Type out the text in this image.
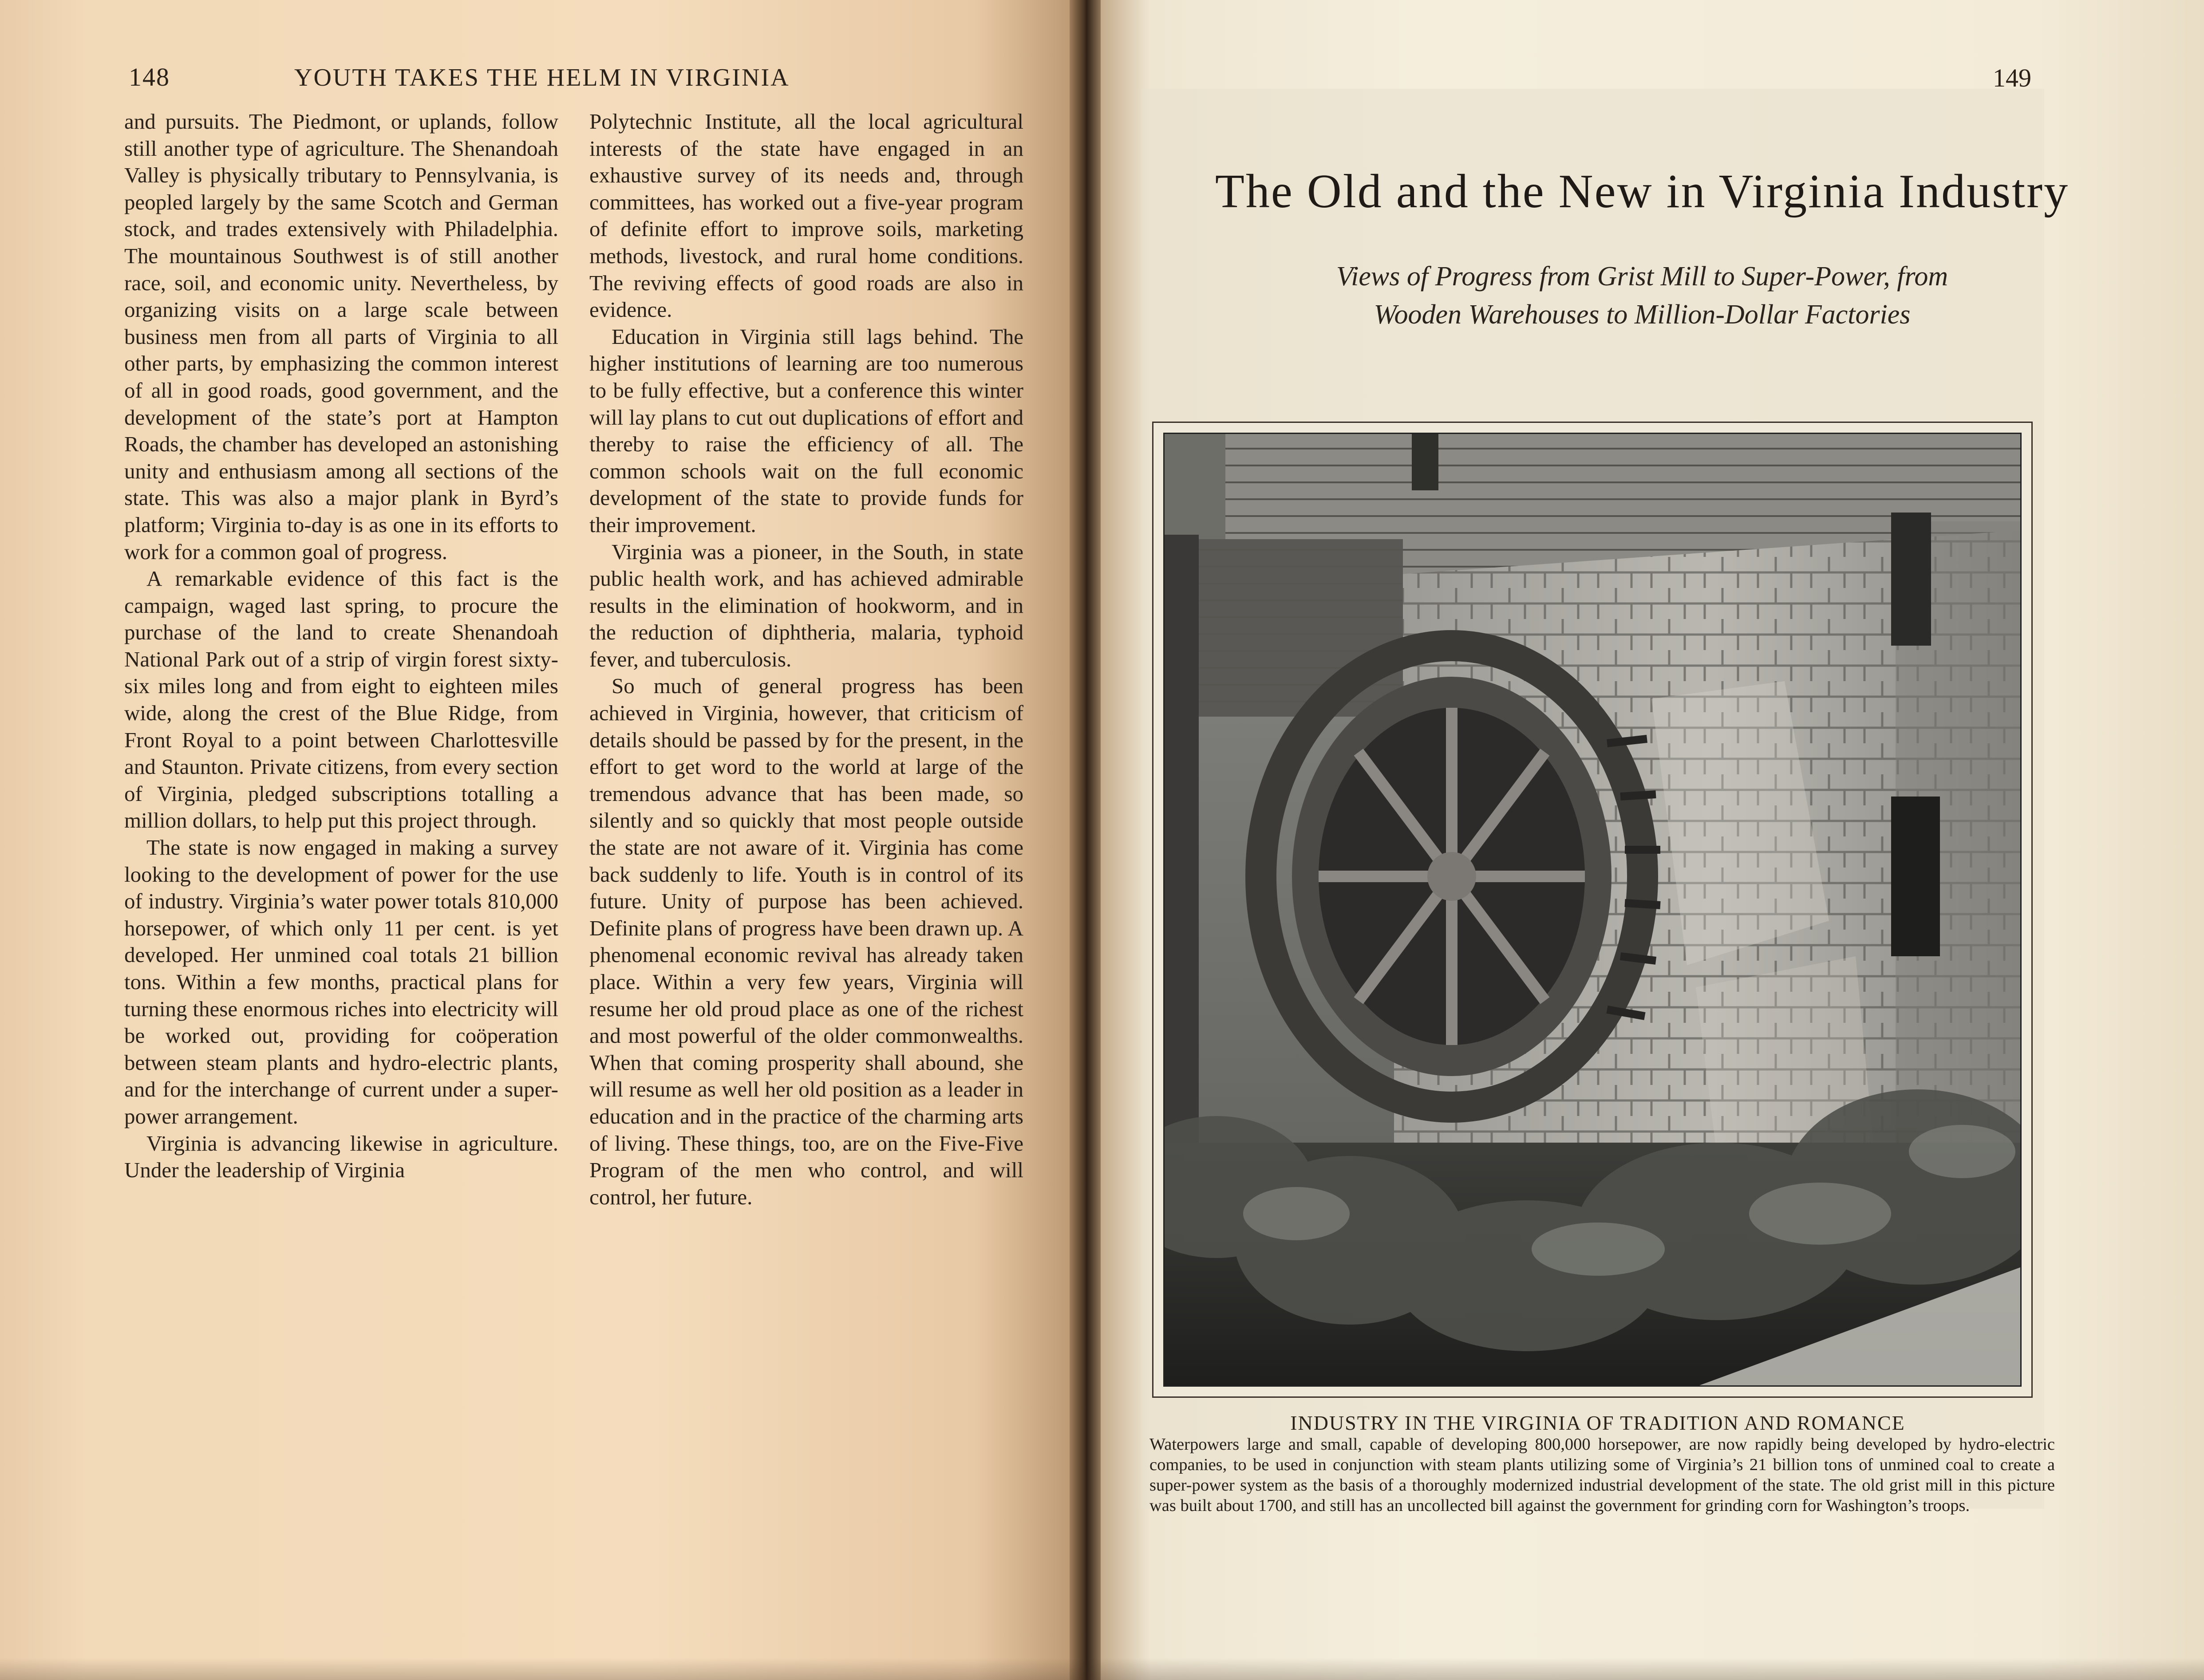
148	YOUTH TAKES THE HELM IN VIRGINIA

and pursuits. The Piedmont, or uplands, follow still another type of agriculture. The Shenandoah Valley is physically tributary to Pennsylvania, is peopled largely by the same Scotch and German stock, and trades extensively with Philadelphia. The mountainous Southwest is of still another race, soil, and economic unity. Nevertheless, by organizing visits on a large scale between business men from all parts of Virginia to all other parts, by emphasizing the common interest of all in good roads, good government, and the development of the state’s port at Hampton Roads, the chamber has developed an astonishing unity and enthusiasm among all sections of the state. This was also a major plank in Byrd’s platform; Virginia to-day is as one in its efforts to work for a common goal of progress.

A remarkable evidence of this fact is the campaign, waged last spring, to procure the purchase of the land to create Shenandoah National Park out of a strip of virgin forest sixty-six miles long and from eight to eighteen miles wide, along the crest of the Blue Ridge, from Front Royal to a point between Charlottesville and Staunton. Private citizens, from every section of Virginia, pledged subscriptions totalling a million dollars, to help put this project through.

The state is now engaged in making a survey looking to the development of power for the use of industry. Virginia’s water power totals 810,000 horsepower, of which only 11 per cent. is yet developed. Her unmined coal totals 21 billion tons. Within a few months, practical plans for turning these enormous riches into electricity will be worked out, providing for coöperation between steam plants and hydro-electric plants, and for the interchange of current under a super-power arrangement.

Virginia is advancing likewise in agriculture. Under the leadership of Virginia

Polytechnic Institute, all the local agricultural interests of the state have engaged in an exhaustive survey of its needs and, through committees, has worked out a five-year program of definite effort to improve soils, marketing methods, livestock, and rural home conditions. The reviving effects of good roads are also in evidence.

Education in Virginia still lags behind. The higher institutions of learning are too numerous to be fully effective, but a conference this winter will lay plans to cut out duplications of effort and thereby to raise the efficiency of all. The common schools wait on the full economic development of the state to provide funds for their improvement.

Virginia was a pioneer, in the South, in state public health work, and has achieved admirable results in the elimination of hookworm, and in the reduction of diphtheria, malaria, typhoid fever, and tuberculosis.

So much of general progress has been achieved in Virginia, however, that criticism of details should be passed by for the present, in the effort to get word to the world at large of the tremendous advance that has been made, so silently and so quickly that most people outside the state are not aware of it. Virginia has come back suddenly to life. Youth is in control of its future. Unity of purpose has been achieved. Definite plans of progress have been drawn up. A phenomenal economic revival has already taken place. Within a very few years, Virginia will resume her old proud place as one of the richest and most powerful of the older commonwealths. When that coming prosperity shall abound, she will resume as well her old position as a leader in education and in the practice of the charming arts of living. These things, too, are on the Five-Five Program of the men who control, and will control, her future.

149
The Old and the New in Virginia Industry
Views of Progress from Grist Mill to Super-Power, from
Wooden Warehouses to Million-Dollar Factories
INDUSTRY IN THE VIRGINIA OF TRADITION AND ROMANCE
Waterpowers large and small, capable of developing 800,000 horsepower, are now rapidly being developed by hydro-electric companies, to be used in conjunction with steam plants utilizing some of Virginia’s 21 billion tons of unmined coal to create a super-power system as the basis of a thoroughly modernized industrial development of the state. The old grist mill in this picture was built about 1700, and still has an uncollected bill against the government for grinding corn for Washington’s troops.
